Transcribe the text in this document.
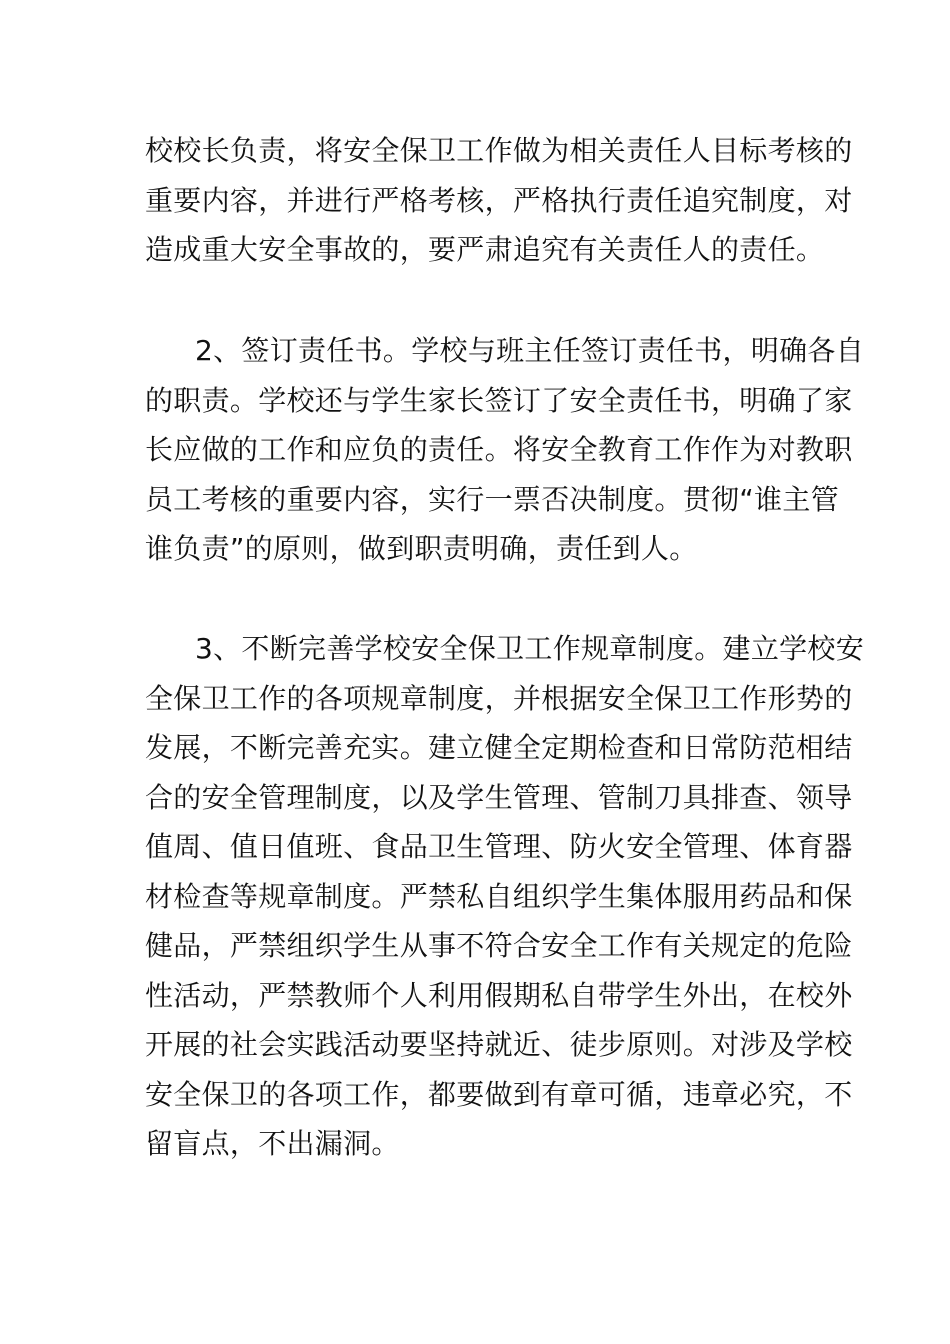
校校长负责，将安全保卫工作做为相关责任人目标考核的
重要内容，并进行严格考核，严格执行责任追究制度，对
造成重大安全事故的，要严肃追究有关责任人的责任。

2、签订责任书。学校与班主任签订责任书，明确各自
的职责。学校还与学生家长签订了安全责任书，明确了家
长应做的工作和应负的责任。将安全教育工作作为对教职
员工考核的重要内容，实行一票否决制度。贯彻“谁主管
谁负责”的原则，做到职责明确，责任到人。

3、不断完善学校安全保卫工作规章制度。建立学校安
全保卫工作的各项规章制度，并根据安全保卫工作形势的
发展，不断完善充实。建立健全定期检查和日常防范相结
合的安全管理制度，以及学生管理、管制刀具排查、领导
值周、值日值班、食品卫生管理、防火安全管理、体育器
材检查等规章制度。严禁私自组织学生集体服用药品和保
健品，严禁组织学生从事不符合安全工作有关规定的危险
性活动，严禁教师个人利用假期私自带学生外出，在校外
开展的社会实践活动要坚持就近、徒步原则。对涉及学校
安全保卫的各项工作，都要做到有章可循，违章必究，不
留盲点，不出漏洞。
